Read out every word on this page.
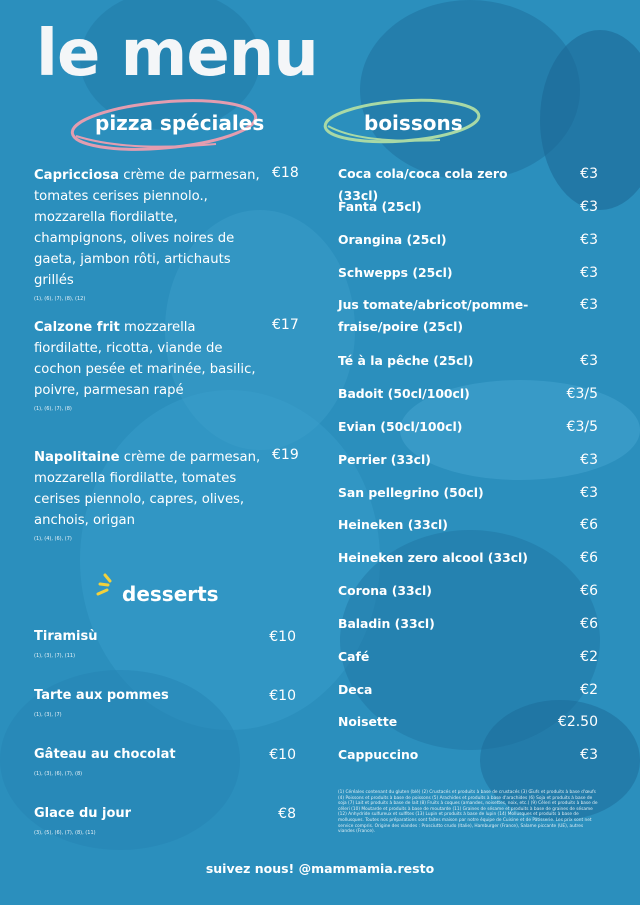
le menu
pizza spéciales	boissons
Capricciosa crème de parmesan, tomates cerises piennolo., mozzarella fiordilatte, champignons, olives noires de gaeta, jambon rôti, artichauts grillés
(1), (6), (7), (8), (12)
€18
Calzone frit mozzarella fiordilatte, ricotta, viande de cochon pesée et marinée, basilic, poivre, parmesan rapé
(1), (6), (7), (8)
€17
Napolitaine crème de parmesan, mozzarella fiordilatte, tomates cerises piennolo, capres, olives, anchois, origan
(1), (4), (6), (7)
€19
desserts
Tiramisù	€10
(1), (3), (7), (11)
Tarte aux pommes	€10
(1), (3), (7)
Gâteau au chocolat	€10
(1), (3), (6), (7), (8)
Glace du jour	€8
(3), (5), (6), (7), (8), (11)
Coca cola/coca cola zero (33cl)
€3
Fanta (25cl)	€3
Orangina (25cl)	€3
Schwepps (25cl)	€3
Jus tomate/abricot/pomme-fraise/poire (25cl)
€3
Té à la pêche (25cl)	€3
Badoit (50cl/100cl)	€3/5
Evian (50cl/100cl)	€3/5
Perrier (33cl)	€3
San pellegrino (50cl)	€3
Heineken (33cl)	€6
Heineken zero alcool (33cl)	€6
Corona (33cl)	€6
Baladin (33cl)	€6
Café	€2
Deca	€2
Noisette	€2.50
Cappuccino	€3
(1) Céréales contenant du gluten (blé) (2) Crustacés et produits à base de crustacés (3) Œufs et produits à base d'œufs (4) Poissons et produits à base de poissons (5) Arachides et produits à base d'arachides (6) Soja et produits à base de soja (7) Lait et produits à base de lait (8) Fruits à coques (amandes, noisettes, noix, etc.) (9) Céleri et produits à base de céleri (10) Moutarde et produits à base de moutarde (11) Graines de sésame et produits à base de graines de sésame (12) Anhydride sulfureux et sulfites (13) Lupin et produits à base de lupin (14) Mollusques et produits à base de mollusques. Toutes nos préparations sont faites maison par notre équipe de Cuisine et de Pâtisserie. Les prix sont net service compris. Origine des viandes : Prosciutto crudo (Italie), Hamburger (France), Salame piccante (UE), autres viandes (France).
suivez nous! @mammamia.resto
